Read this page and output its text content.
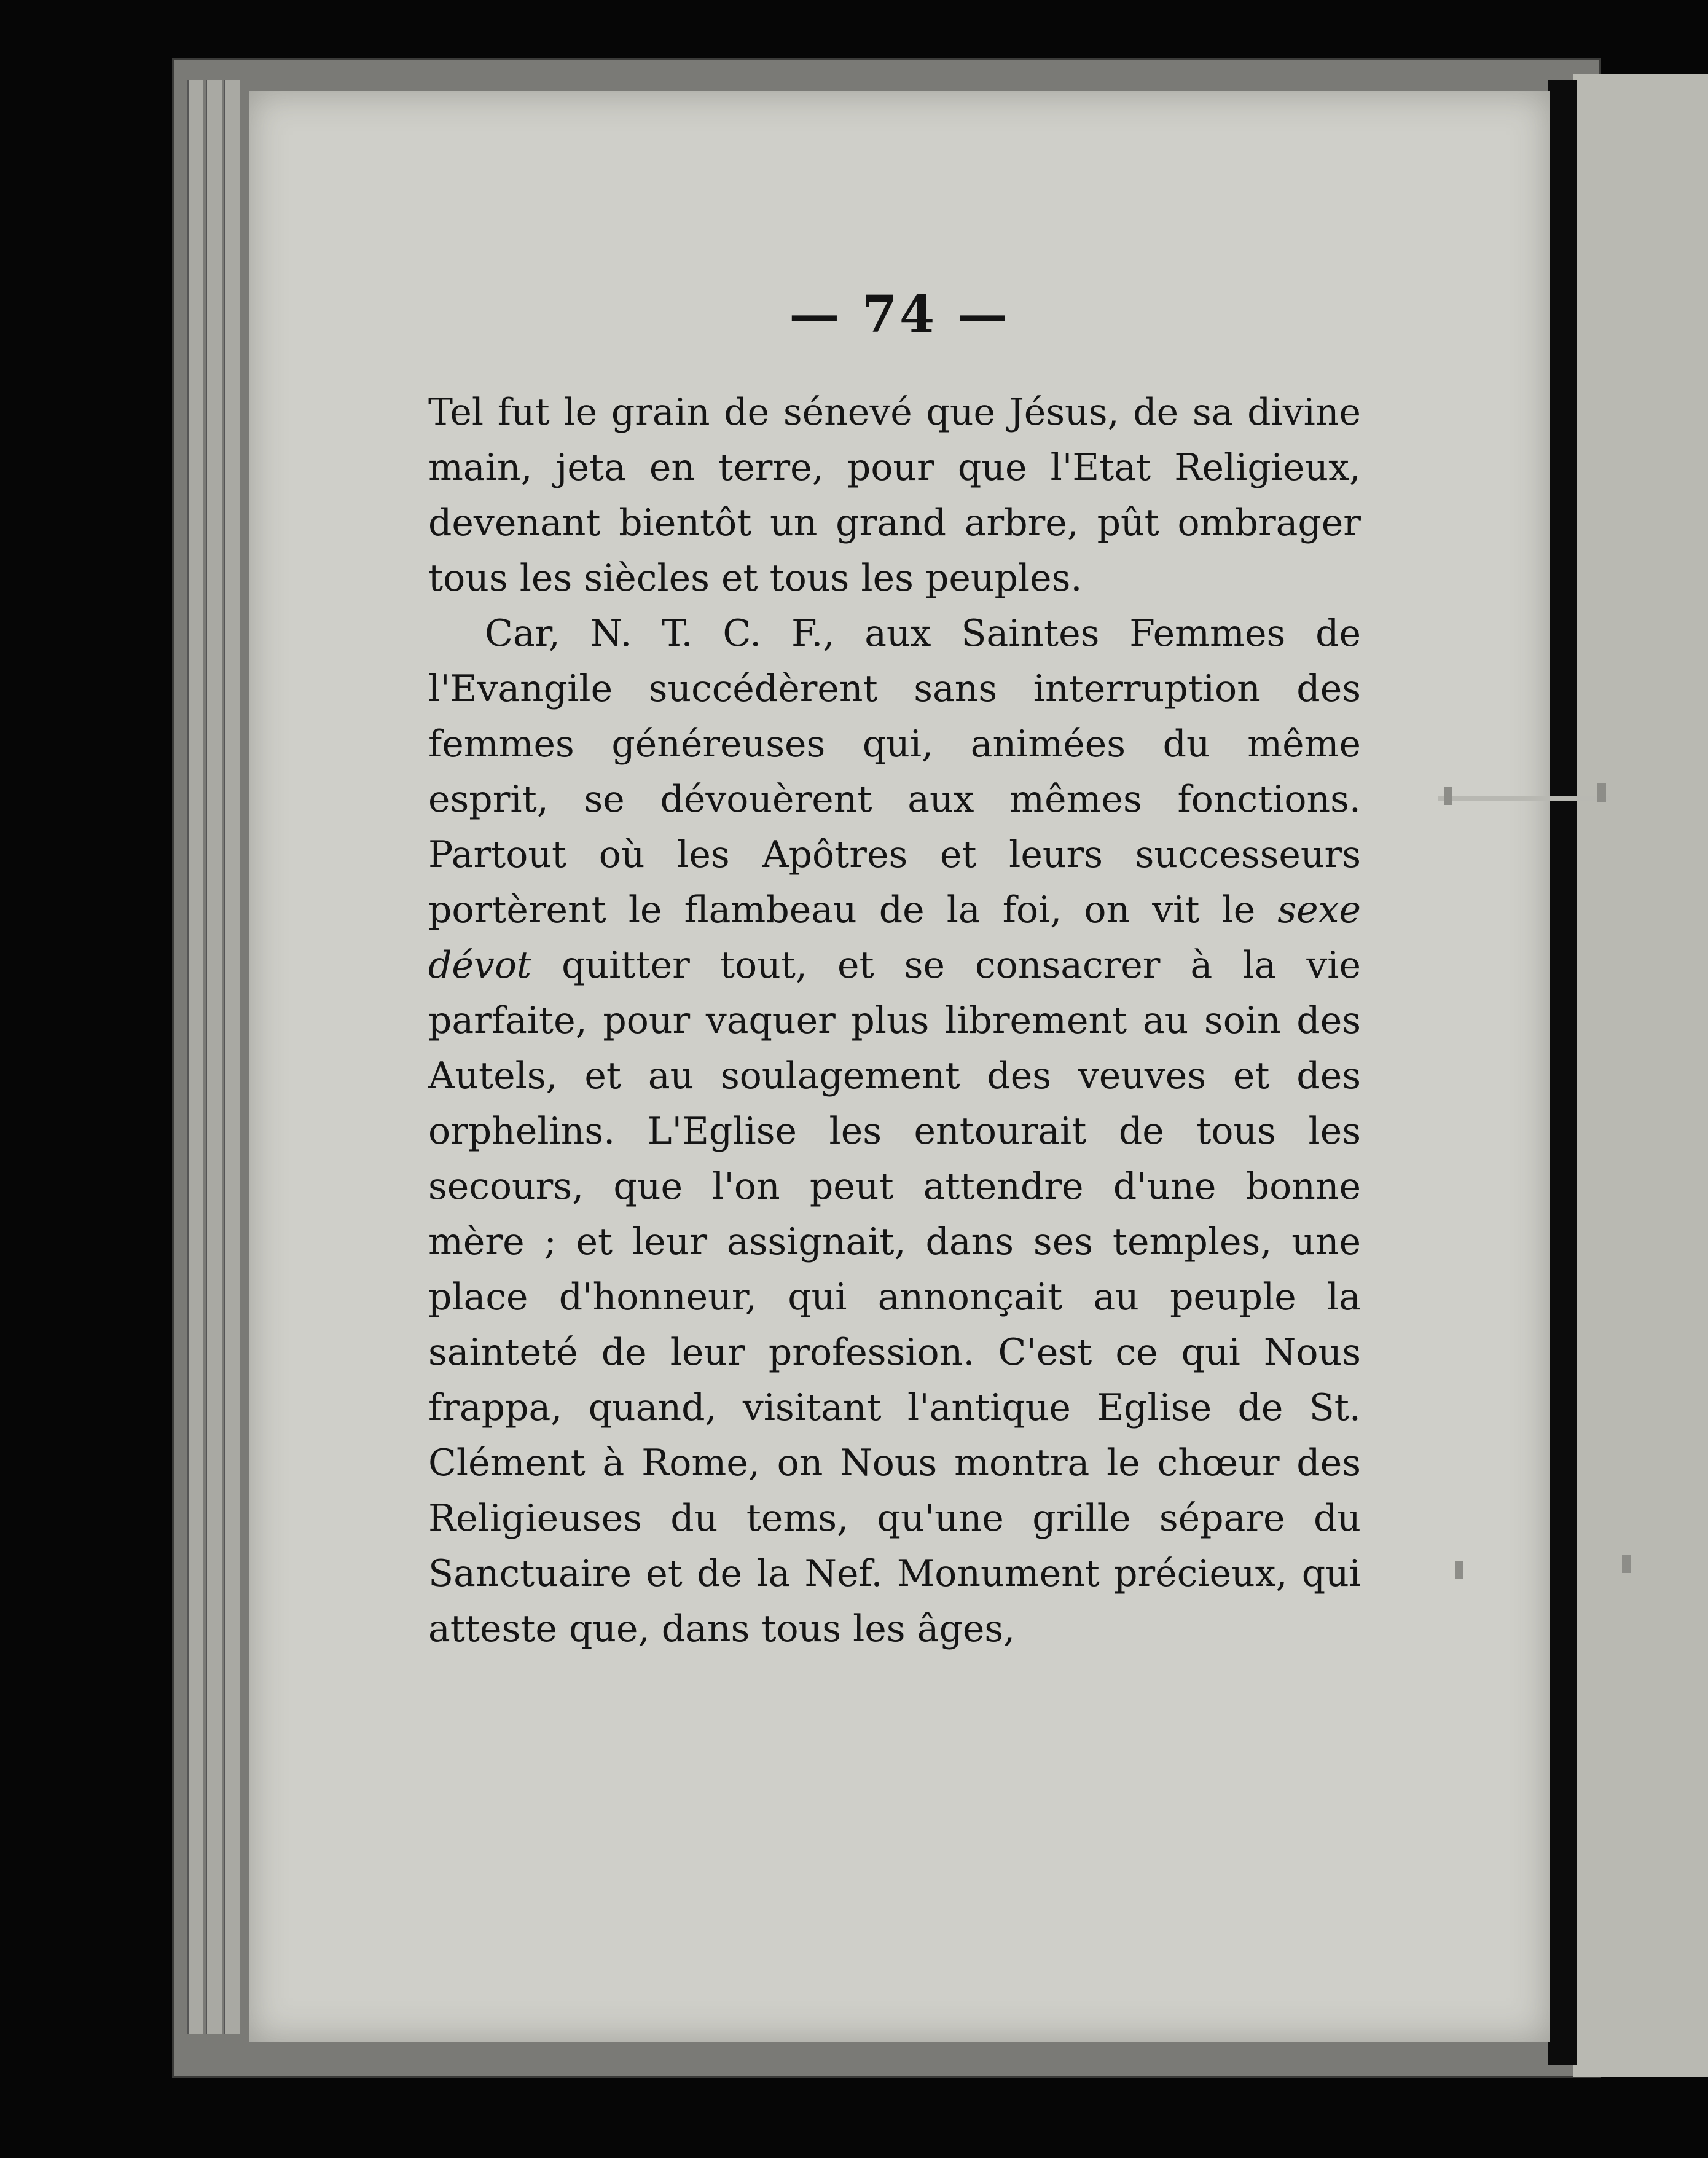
— 74 —

Tel fut le grain de sénevé que Jésus, de sa divine main, jeta en terre, pour que l'Etat Religieux, devenant bientôt un grand arbre, pût ombrager tous les siècles et tous les peuples.

Car, N. T. C. F., aux Saintes Femmes de l'Evangile succédèrent sans interruption des femmes généreuses qui, animées du même esprit, se dévouèrent aux mêmes fonctions. Partout où les Apôtres et leurs successeurs portèrent le flambeau de la foi, on vit le sexe dévot quitter tout, et se consacrer à la vie parfaite, pour vaquer plus librement au soin des Autels, et au soulagement des veuves et des orphelins. L'Eglise les entourait de tous les secours, que l'on peut attendre d'une bonne mère ; et leur assignait, dans ses temples, une place d'honneur, qui annonçait au peuple la sainteté de leur profession. C'est ce qui Nous frappa, quand, visitant l'antique Eglise de St. Clément à Rome, on Nous montra le chœur des Religieuses du tems, qu'une grille sépare du Sanctuaire et de la Nef. Monument précieux, qui atteste que, dans tous les âges,
